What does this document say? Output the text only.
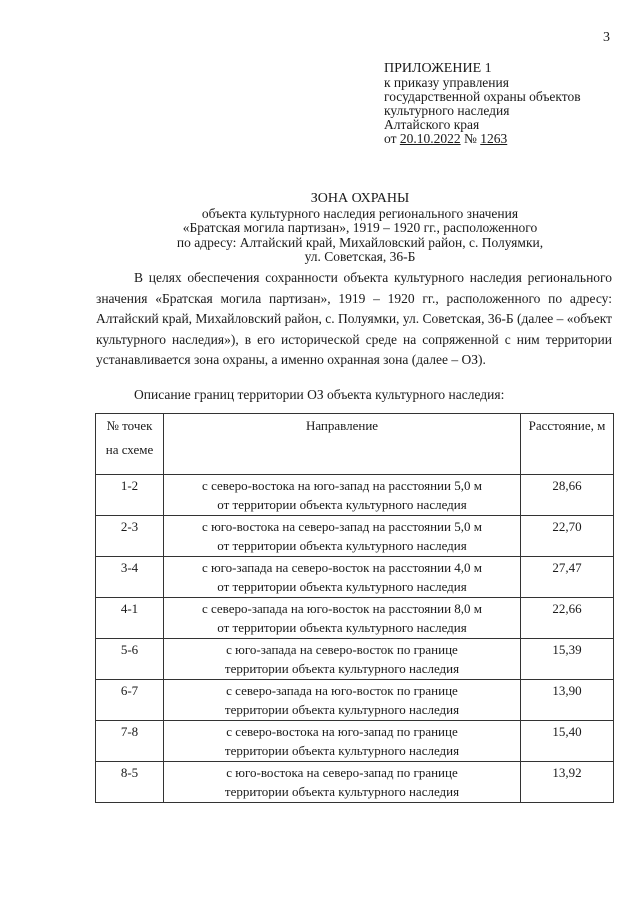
3
ПРИЛОЖЕНИЕ 1
к приказу управления
государственной охраны объектов
культурного наследия
Алтайского края
от 20.10.2022 № 1263
ЗОНА ОХРАНЫ
объекта культурного наследия регионального значения
«Братская могила партизан», 1919 – 1920 гг., расположенного
по адресу: Алтайский край, Михайловский район, с. Полуямки,
ул. Советская, 36-Б
В целях обеспечения сохранности объекта культурного наследия регионального значения «Братская могила партизан», 1919 – 1920 гг., расположенного по адресу: Алтайский край, Михайловский район, с. Полуямки, ул. Советская, 36-Б (далее – «объект культурного наследия»), в его исторической среде на сопряженной с ним территории устанавливается зона охраны, а именно охранная зона (далее – ОЗ).
Описание границ территории ОЗ объекта культурного наследия:
№ точек
на схеме	Направление	Расстояние, м
1-2	с северо-востока на юго-запад на расстоянии 5,0 м
от территории объекта культурного наследия	28,66
2-3	с юго-востока на северо-запад на расстоянии 5,0 м
от территории объекта культурного наследия	22,70
3-4	с юго-запада на северо-восток на расстоянии 4,0 м
от территории объекта культурного наследия	27,47
4-1	с северо-запада на юго-восток на расстоянии 8,0 м
от территории объекта культурного наследия	22,66
5-6	с юго-запада на северо-восток по границе
территории объекта культурного наследия	15,39
6-7	с северо-запада на юго-восток по границе
территории объекта культурного наследия	13,90
7-8	с северо-востока на юго-запад по границе
территории объекта культурного наследия	15,40
8-5	с юго-востока на северо-запад по границе
территории объекта культурного наследия	13,92
